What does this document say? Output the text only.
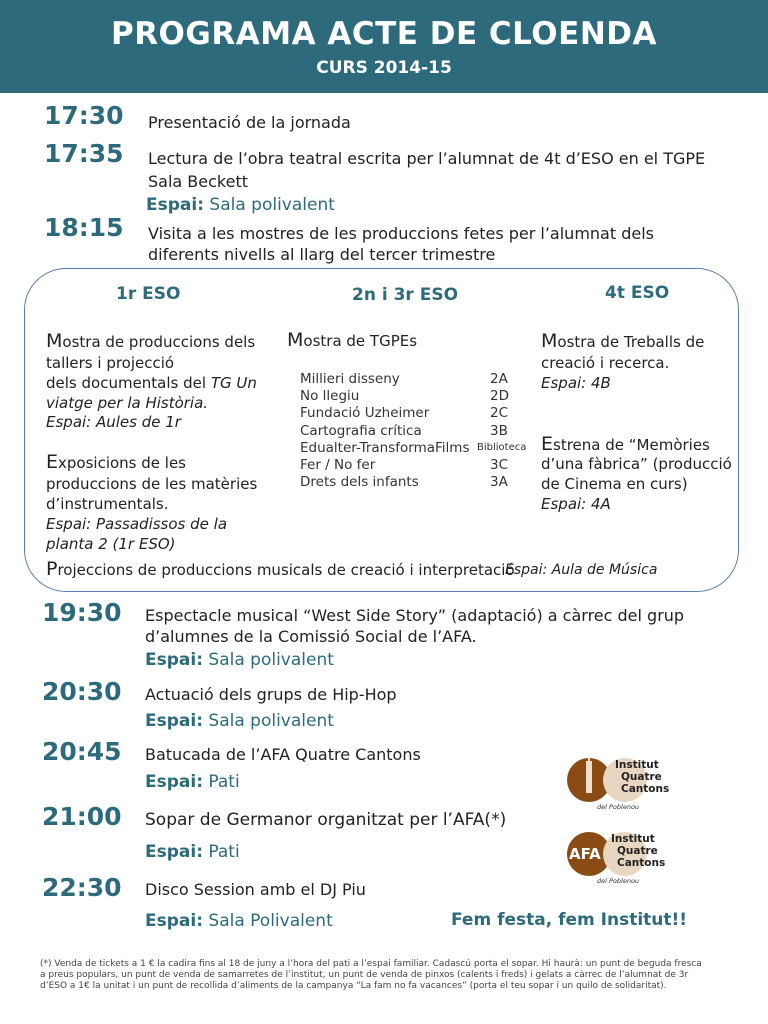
PROGRAMA ACTE DE CLOENDA
CURS 2014-15
17:30 Presentació de la jornada
17:35 Lectura de l’obra teatral escrita per l’alumnat de 4t d’ESO en el TGPE
Sala Beckett
Espai: Sala polivalent
18:15 Visita a les mostres de les produccions fetes per l’alumnat dels
diferents nivells al llarg del tercer trimestre
1r ESO	2n i 3r ESO	4t ESO
Mostra de produccions dels
tallers i projecció
dels documentals del TG Un
viatge per la Història.
Espai: Aules de 1r
Exposicions de les
produccions de les matèries
d’instrumentals.
Espai: Passadissos de la
planta 2 (1r ESO)
Mostra de TGPEs
Millieri disseny	2A
No llegiu	2D
Fundació Uzheimer	2C
Cartografia crítica	3B
Edualter-TransformaFilms Biblioteca
Fer / No fer	3C
Drets dels infants	3A
Mostra de Treballs de
creació i recerca.
Espai: 4B
Estrena de “Memòries
d’una fàbrica” (producció
de Cinema en curs)
Espai: 4A
Projeccions de produccions musicals de creació i interpretació
Espai: Aula de Música
19:30 Espectacle musical “West Side Story” (adaptació) a càrrec del grup
d’alumnes de la Comissió Social de l’AFA.
Espai: Sala polivalent
20:30 Actuació dels grups de Hip-Hop
Espai: Sala polivalent
20:45 Batucada de l’AFA Quatre Cantons
Espai: Pati
21:00 Sopar de Germanor organitzat per l’AFA(*)
Espai: Pati
22:30 Disco Session amb el DJ Piu
Espai: Sala Polivalent	Fem festa, fem Institut!!
Institut
Quatre
Cantons
del Poblenou
AFA
Institut
Quatre
Cantons
del Poblenou
(*) Venda de tickets a 1 € la cadira fins al 18 de juny a l’hora del pati a l’espai familiar. Cadascú porta el sopar. Hi haurà: un punt de beguda fresca
a preus populars, un punt de venda de samarretes de l’institut, un punt de venda de pinxos (calents i freds) i gelats a càrrec de l’alumnat de 3r
d’ESO a 1€ la unitat i un punt de recollida d’aliments de la campanya “La fam no fa vacances” (porta el teu sopar i un quilo de solidaritat).
